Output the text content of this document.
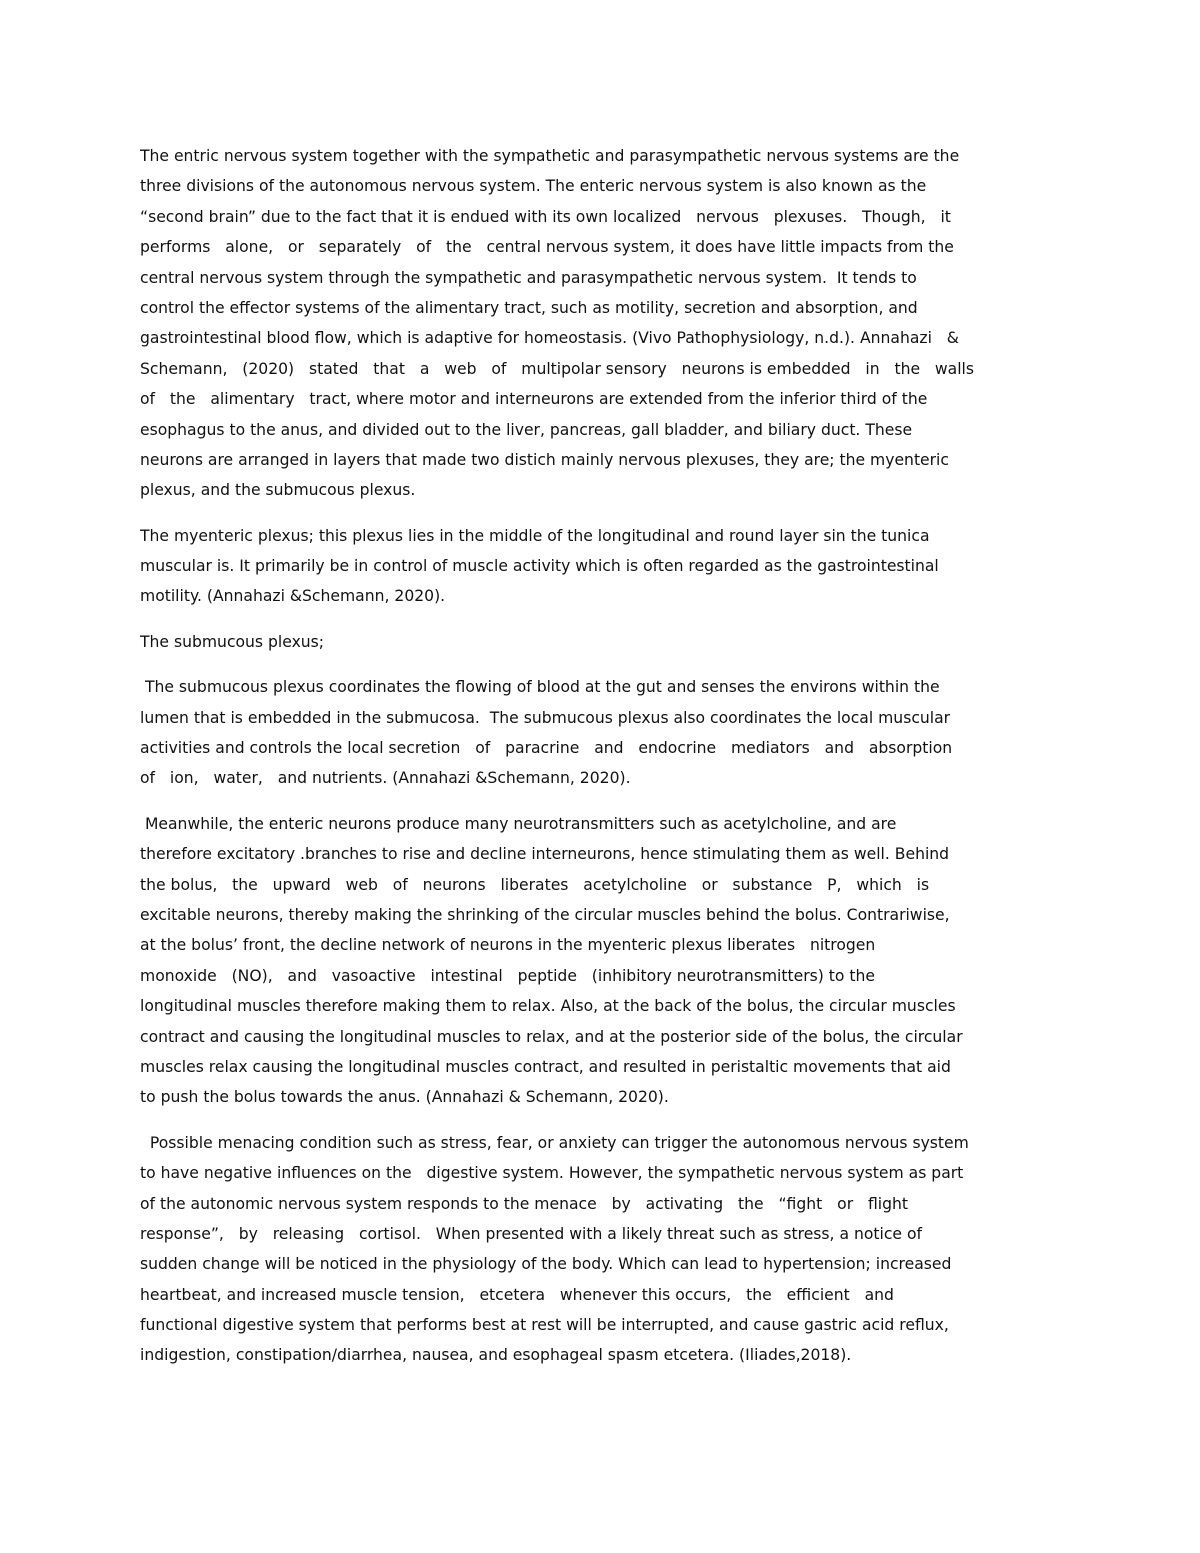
The entric nervous system together with the sympathetic and parasympathetic nervous systems are the
three divisions of the autonomous nervous system. The enteric nervous system is also known as the
“second brain” due to the fact that it is endued with its own localized   nervous   plexuses.   Though,   it
performs   alone,   or   separately   of   the   central nervous system, it does have little impacts from the
central nervous system through the sympathetic and parasympathetic nervous system.  It tends to
control the effector systems of the alimentary tract, such as motility, secretion and absorption, and
gastrointestinal blood flow, which is adaptive for homeostasis. (Vivo Pathophysiology, n.d.). Annahazi   &
Schemann,   (2020)   stated   that   a   web   of   multipolar sensory   neurons is embedded   in   the   walls
of   the   alimentary   tract, where motor and interneurons are extended from the inferior third of the
esophagus to the anus, and divided out to the liver, pancreas, gall bladder, and biliary duct. These
neurons are arranged in layers that made two distich mainly nervous plexuses, they are; the myenteric
plexus, and the submucous plexus.
The myenteric plexus; this plexus lies in the middle of the longitudinal and round layer sin the tunica
muscular is. It primarily be in control of muscle activity which is often regarded as the gastrointestinal
motility. (Annahazi &Schemann, 2020).
The submucous plexus;
The submucous plexus coordinates the flowing of blood at the gut and senses the environs within the
lumen that is embedded in the submucosa.  The submucous plexus also coordinates the local muscular
activities and controls the local secretion   of   paracrine   and   endocrine   mediators   and   absorption
of   ion,   water,   and nutrients. (Annahazi &Schemann, 2020).
Meanwhile, the enteric neurons produce many neurotransmitters such as acetylcholine, and are
therefore excitatory .branches to rise and decline interneurons, hence stimulating them as well. Behind
the bolus,   the   upward   web   of   neurons   liberates   acetylcholine   or   substance   P,   which   is
excitable neurons, thereby making the shrinking of the circular muscles behind the bolus. Contrariwise,
at the bolus’ front, the decline network of neurons in the myenteric plexus liberates   nitrogen
monoxide   (NO),   and   vasoactive   intestinal   peptide   (inhibitory neurotransmitters) to the
longitudinal muscles therefore making them to relax. Also, at the back of the bolus, the circular muscles
contract and causing the longitudinal muscles to relax, and at the posterior side of the bolus, the circular
muscles relax causing the longitudinal muscles contract, and resulted in peristaltic movements that aid
to push the bolus towards the anus. (Annahazi & Schemann, 2020).
Possible menacing condition such as stress, fear, or anxiety can trigger the autonomous nervous system
to have negative influences on the   digestive system. However, the sympathetic nervous system as part
of the autonomic nervous system responds to the menace   by   activating   the   “fight   or   flight
response”,   by   releasing   cortisol.   When presented with a likely threat such as stress, a notice of
sudden change will be noticed in the physiology of the body. Which can lead to hypertension; increased
heartbeat, and increased muscle tension,   etcetera   whenever this occurs,   the   efficient   and
functional digestive system that performs best at rest will be interrupted, and cause gastric acid reflux,
indigestion, constipation/diarrhea, nausea, and esophageal spasm etcetera. (Iliades,2018).
